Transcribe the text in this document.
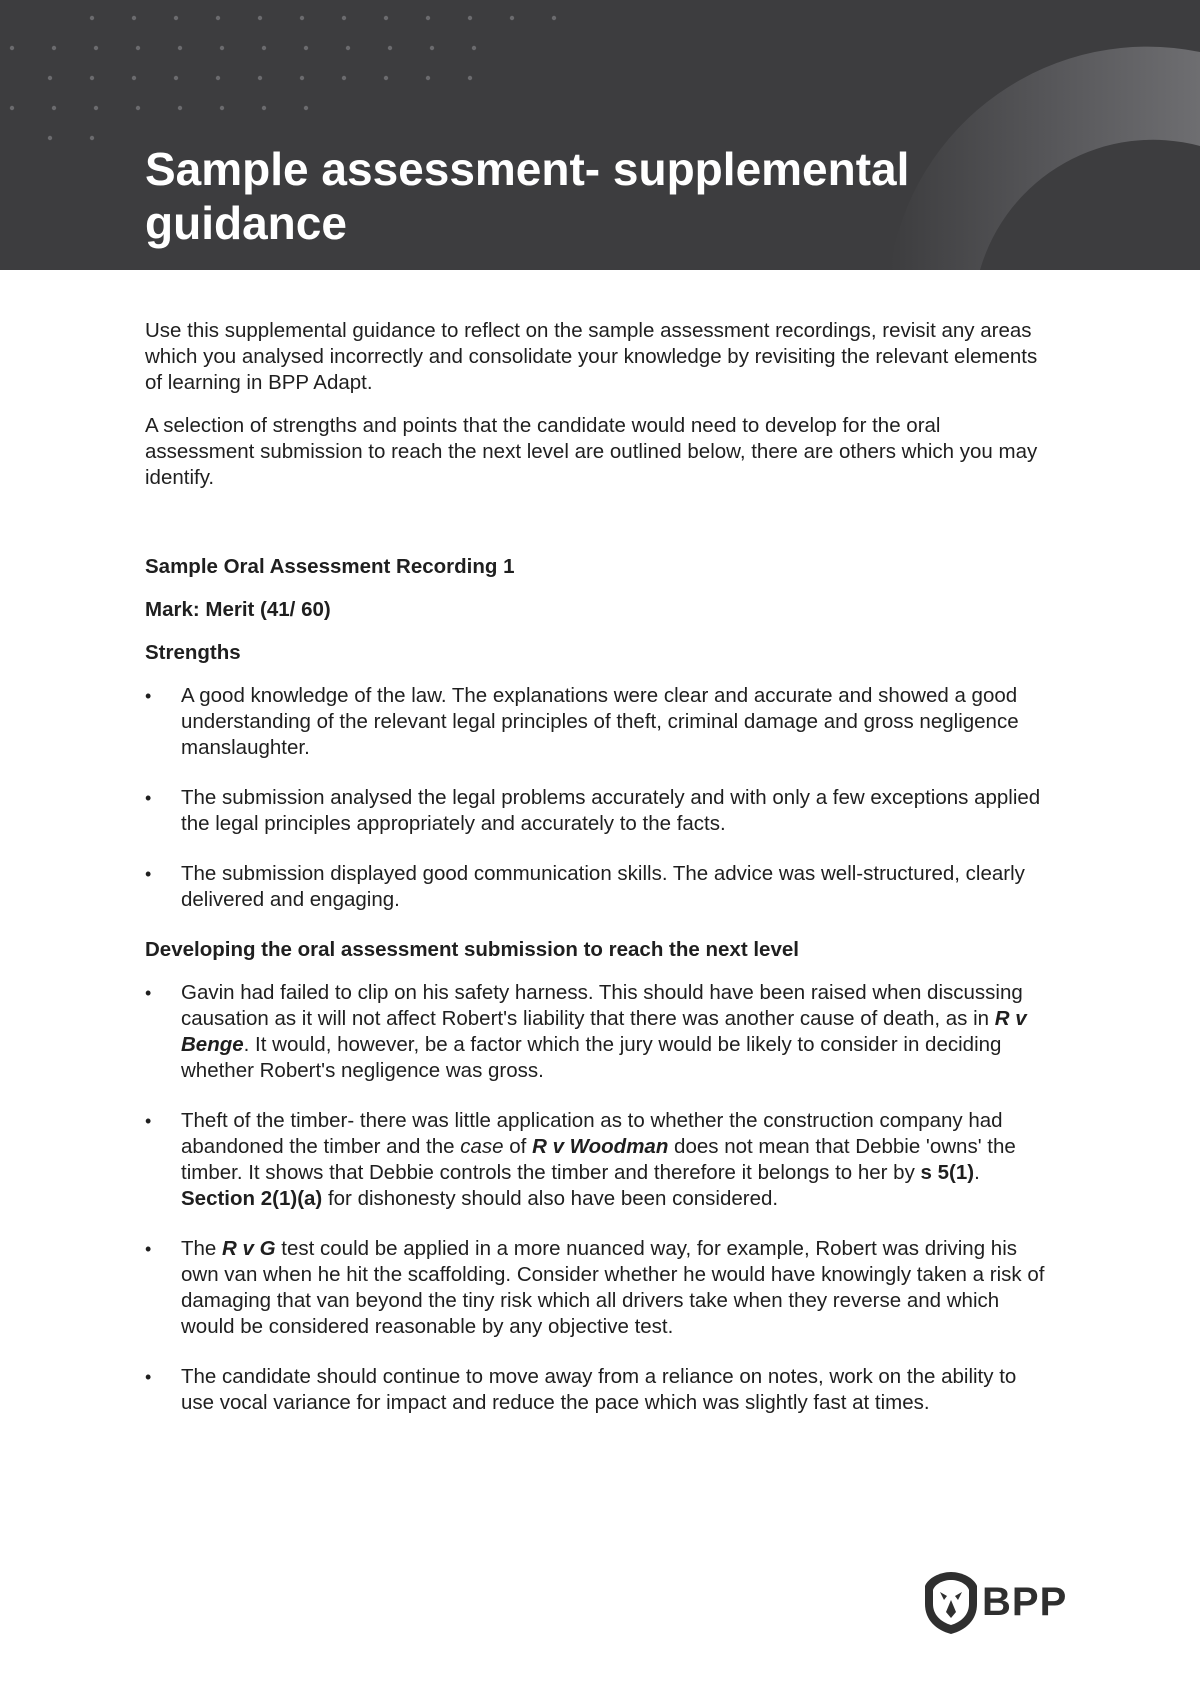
Sample assessment- supplemental
guidance

Use this supplemental guidance to reflect on the sample assessment recordings, revisit any areas which you analysed incorrectly and consolidate your knowledge by revisiting the relevant elements of learning in BPP Adapt.

A selection of strengths and points that the candidate would need to develop for the oral assessment submission to reach the next level are outlined below, there are others which you may identify.

Sample Oral Assessment Recording 1
Mark: Merit (41/ 60)
Strengths
•	A good knowledge of the law. The explanations were clear and accurate and showed a good understanding of the relevant legal principles of theft, criminal damage and gross negligence manslaughter.
•	The submission analysed the legal problems accurately and with only a few exceptions applied the legal principles appropriately and accurately to the facts.
•	The submission displayed good communication skills. The advice was well-structured, clearly delivered and engaging.
Developing the oral assessment submission to reach the next level
•	Gavin had failed to clip on his safety harness. This should have been raised when discussing causation as it will not affect Robert's liability that there was another cause of death, as in R v Benge. It would, however, be a factor which the jury would be likely to consider in deciding whether Robert's negligence was gross.
•	Theft of the timber- there was little application as to whether the construction company had abandoned the timber and the case of R v Woodman does not mean that Debbie 'owns' the timber. It shows that Debbie controls the timber and therefore it belongs to her by s 5(1). Section 2(1)(a) for dishonesty should also have been considered.
•	The R v G test could be applied in a more nuanced way, for example, Robert was driving his own van when he hit the scaffolding. Consider whether he would have knowingly taken a risk of damaging that van beyond the tiny risk which all drivers take when they reverse and which would be considered reasonable by any objective test.
•	The candidate should continue to move away from a reliance on notes, work on the ability to use vocal variance for impact and reduce the pace which was slightly fast at times.
BPP
